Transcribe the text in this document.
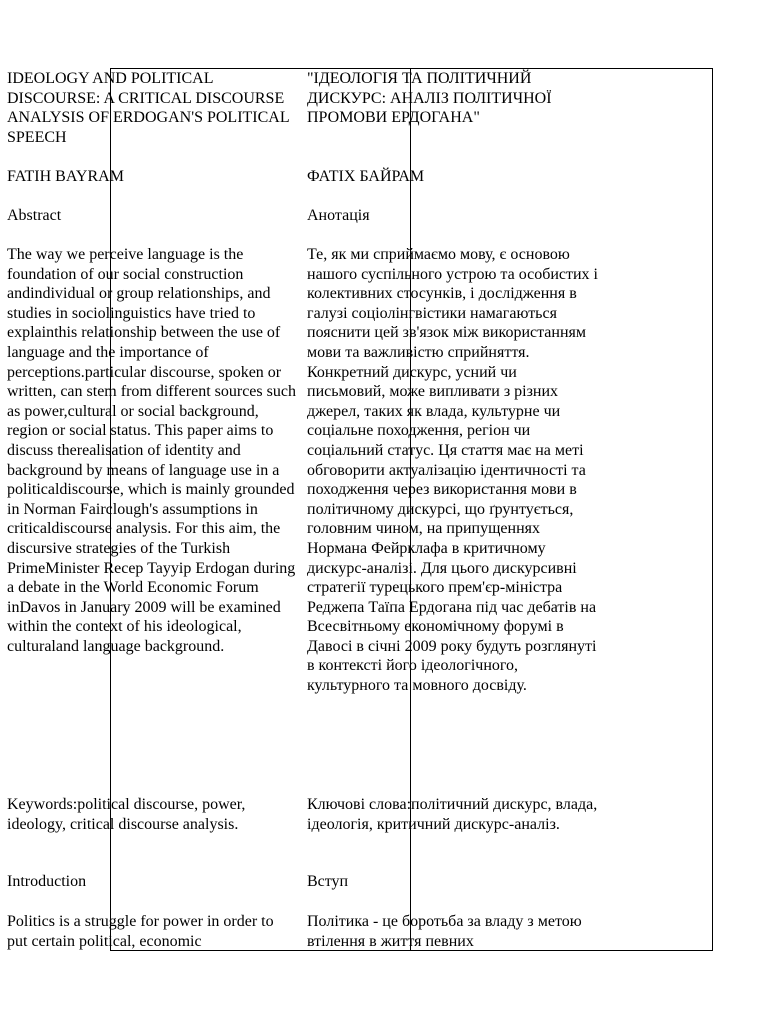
IDEOLOGY AND POLITICAL DISCOURSE: A CRITICAL DISCOURSE ANALYSIS OF ERDOGAN'S POLITICAL SPEECH
FATIH BAYRAM
Abstract
The way we perceive language is the foundation of our social construction andindividual or group relationships, and studies in sociolinguistics have tried to explainthis relationship between the use of language and the importance of perceptions.particular discourse, spoken or written, can stem from different sources such as power,cultural or social background, region or social status. This paper aims to discuss therealisation of identity and background by means of language use in a politicaldiscourse, which is mainly grounded in Norman Fairclough's assumptions in criticaldiscourse analysis. For this aim, the discursive strategies of the Turkish PrimeMinister Recep Tayyip Erdogan during a debate in the World Economic Forum inDavos in January 2009 will be examined within the context of his ideological, culturaland language background.
Keywords:political discourse, power, ideology, critical discourse analysis.
Introduction
Politics is a struggle for power in order to put certain political, economic
"ІДЕОЛОГІЯ ТА ПОЛІТИЧНИЙ ДИСКУРС: АНАЛІЗ ПОЛІТИЧНОЇ ПРОМОВИ ЕРДОГАНА"
ФАТІХ БАЙРАМ
Анотація
Те, як ми сприймаємо мову, є основою нашого суспільного устрою та особистих і колективних стосунків, і дослідження в галузі соціолінгвістики намагаються пояснити цей зв'язок між використанням мови та важливістю сприйняття. Конкретний дискурс, усний чи письмовий, може випливати з різних джерел, таких як влада, культурне чи соціальне походження, регіон чи соціальний статус. Ця стаття має на меті обговорити актуалізацію ідентичності та походження через використання мови в політичному дискурсі, що ґрунтується, головним чином, на припущеннях Нормана Фейрклафа в критичному дискурс-аналізі. Для цього дискурсивні стратегії турецького прем'єр-міністра Реджепа Таїпа Ердогана під час дебатів на Всесвітньому економічному форумі в Давосі в січні 2009 року будуть розглянуті в контексті його ідеологічного, культурного та мовного досвіду.
Ключові слова:політичний дискурс, влада, ідеологія, критичний дискурс-аналіз.
Вступ
Політика - це боротьба за владу з метою втілення в життя певних
